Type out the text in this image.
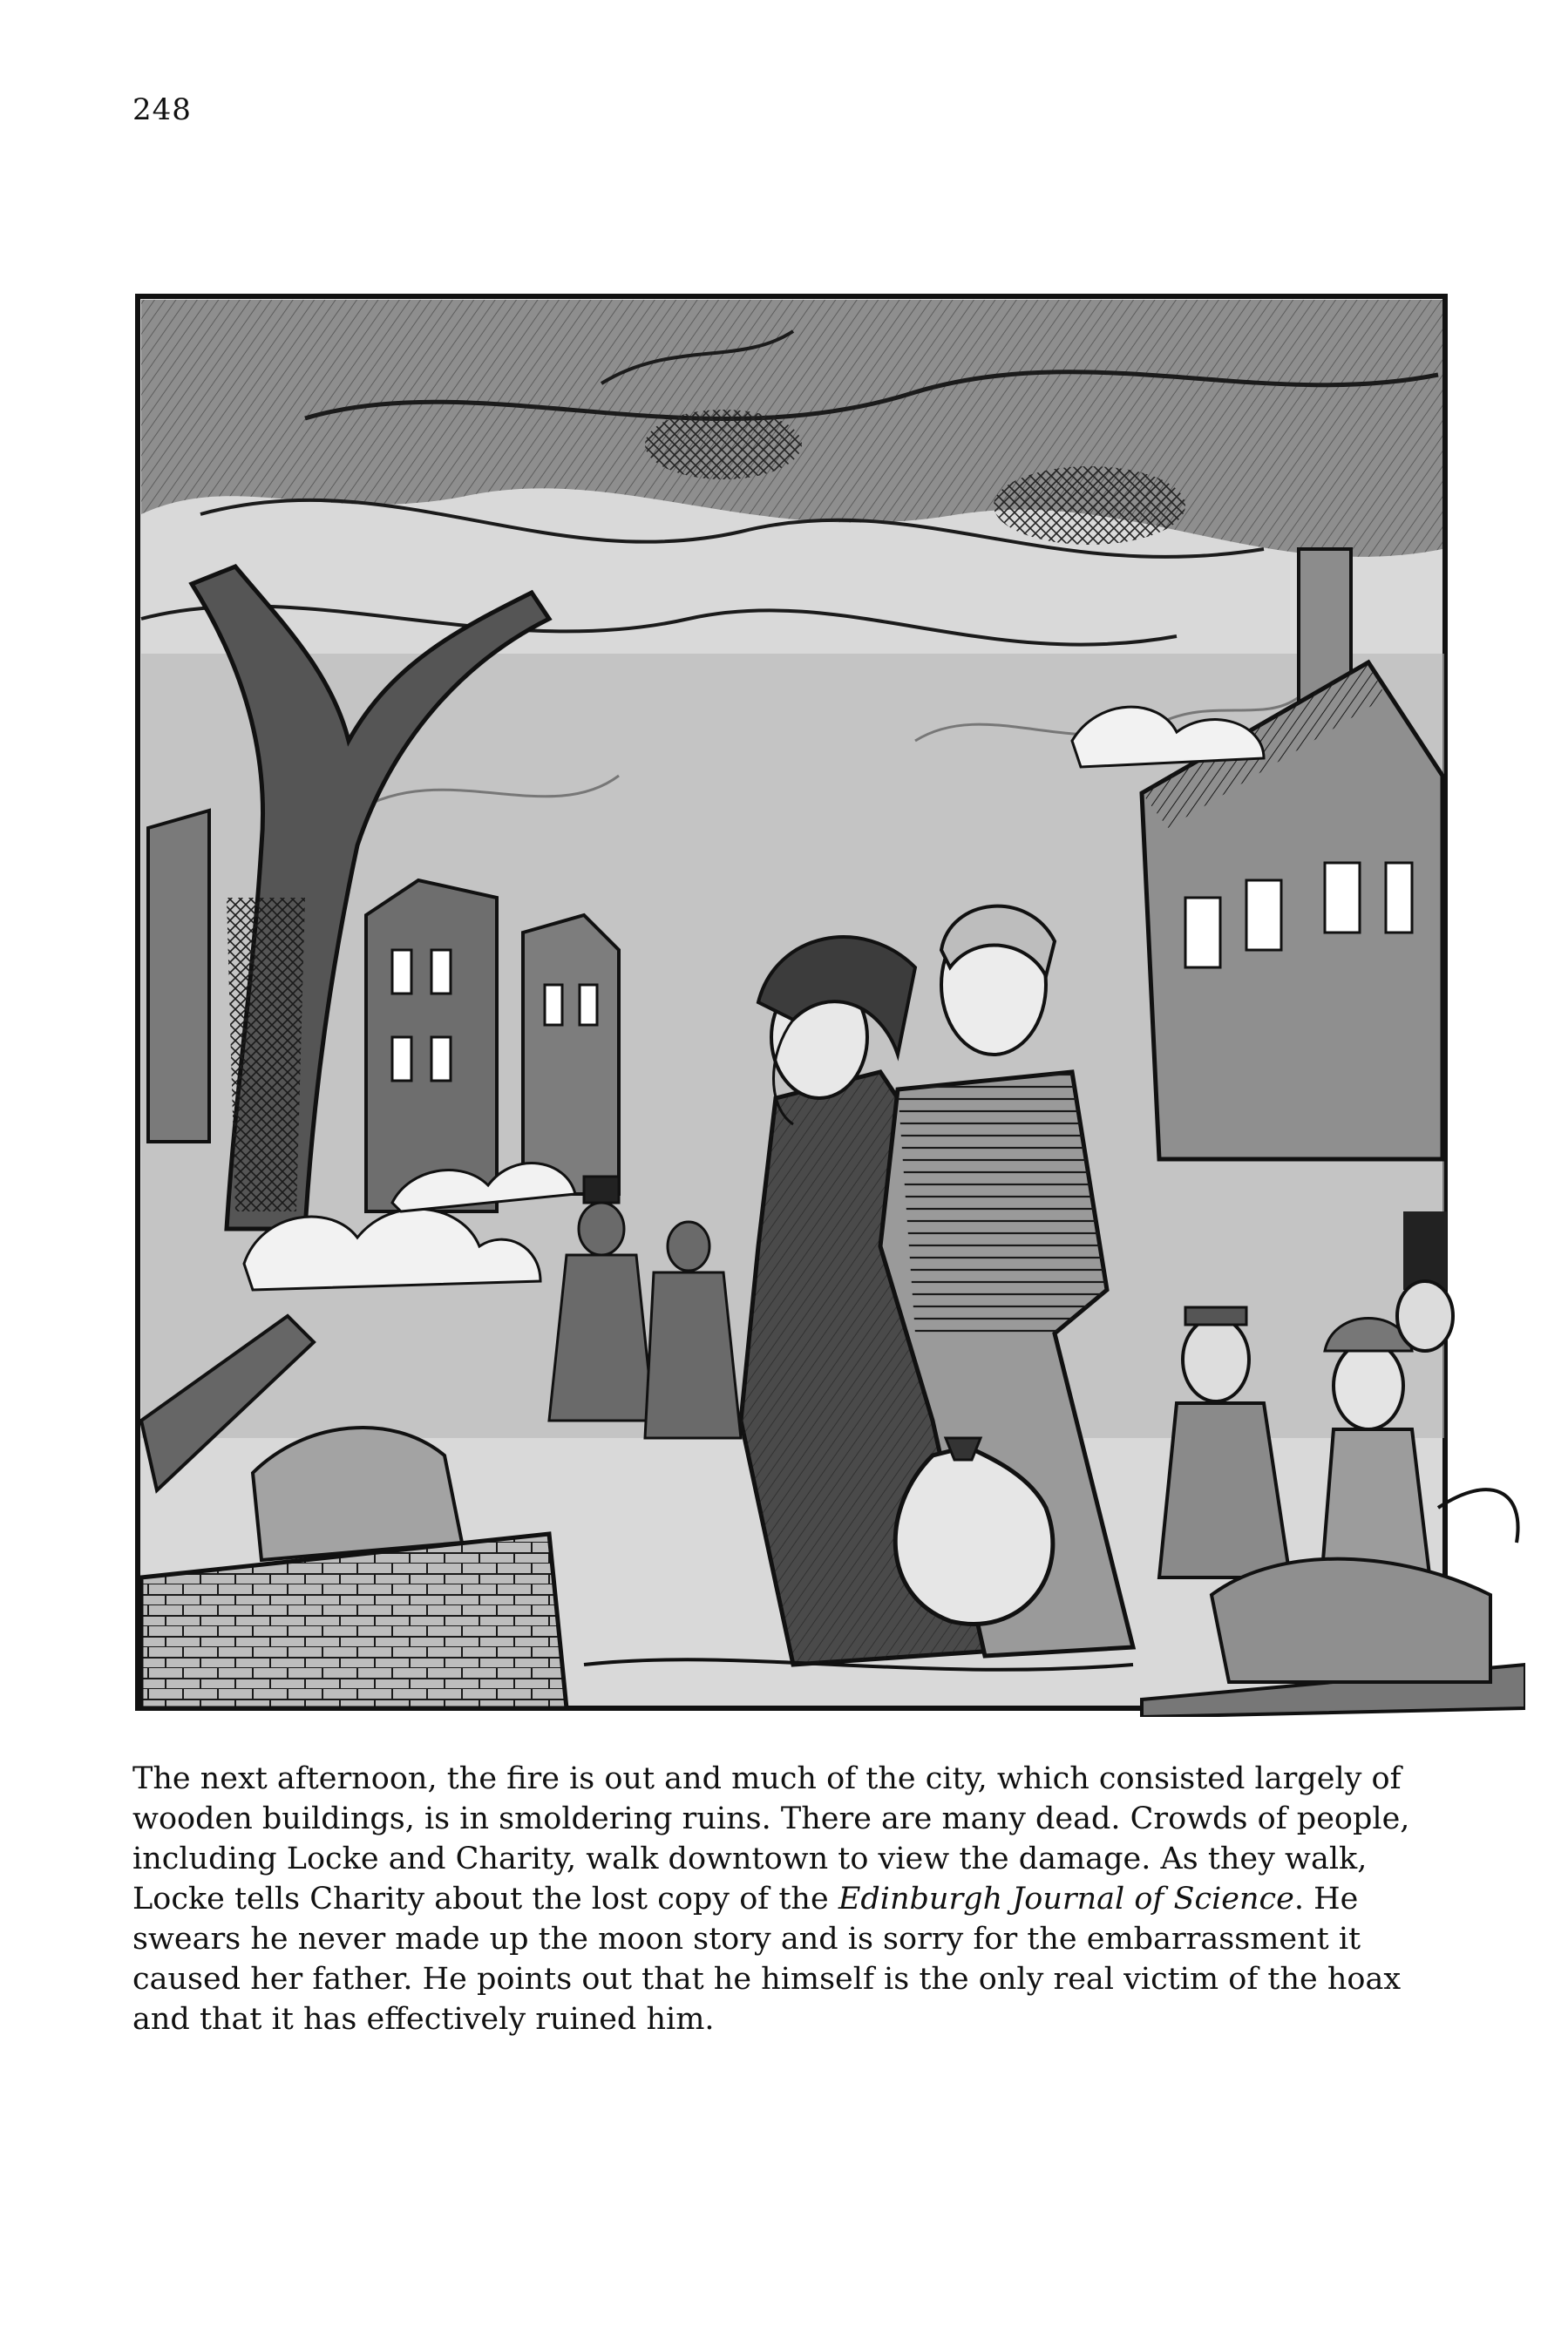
248
The next afternoon, the fire is out and much of the city, which consisted largely of wooden buildings, is in smoldering ruins. There are many dead. Crowds of people, including Locke and Charity, walk downtown to view the damage. As they walk, Locke tells Charity about the lost copy of the Edinburgh Journal of Science. He swears he never made up the moon story and is sorry for the embarrassment it caused her father. He points out that he himself is the only real victim of the hoax and that it has effectively ruined him.
